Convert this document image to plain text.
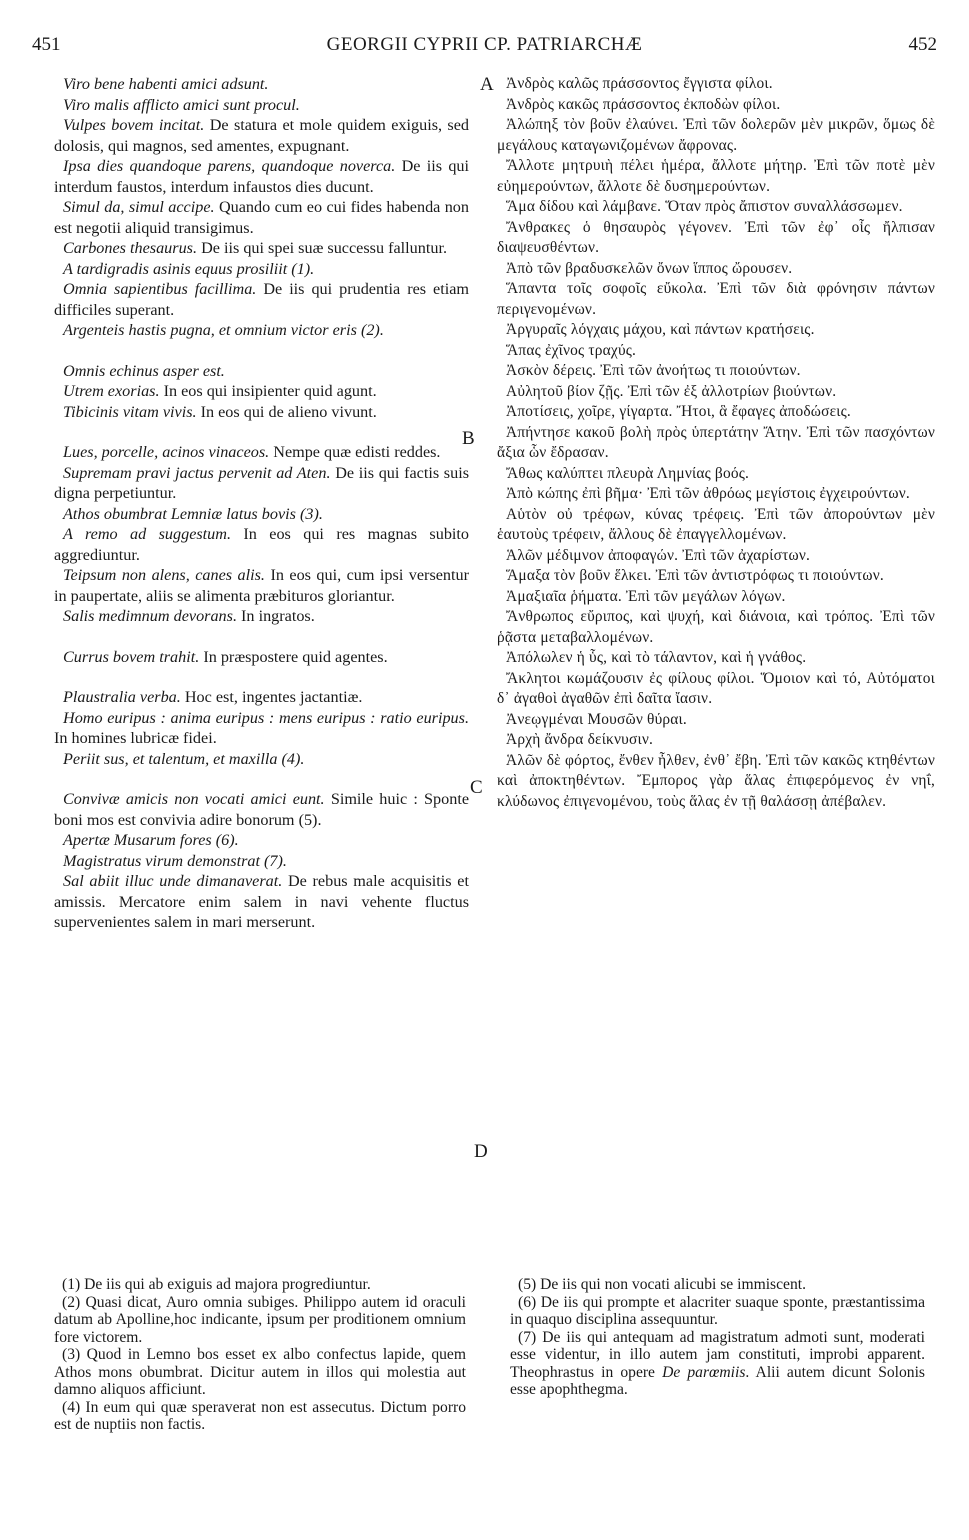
451	GEORGII CYPRII CP. PATRIARCHÆ	452
A
B
C
D
Viro bene habenti amici adsunt.
Viro malis afflicto amici sunt procul.
Vulpes bovem incitat. De statura et mole quidem exiguis, sed dolosis, qui magnos, sed amentes, expugnant.
Ipsa dies quandoque parens, quandoque noverca. De iis qui interdum faustos, interdum infaustos dies ducunt.
Simul da, simul accipe. Quando cum eo cui fides habenda non est negotii aliquid transigimus.
Carbones thesaurus. De iis qui spei suæ successu falluntur.
A tardigradis asinis equus prosiliit (1).
Omnia sapientibus facillima. De iis qui prudentia res etiam difficiles superant.
Argenteis hastis pugna, et omnium victor eris (2).
Omnis echinus asper est.
Utrem exorias. In eos qui insipienter quid agunt.
Tibicinis vitam vivis. In eos qui de alieno vivunt.
Lues, porcelle, acinos vinaceos. Nempe quæ edisti reddes.
Supremam pravi jactus pervenit ad Aten. De iis qui factis suis digna perpetiuntur.
Athos obumbrat Lemniæ latus bovis (3).
A remo ad suggestum. In eos qui res magnas subito aggrediuntur.
Teipsum non alens, canes alis. In eos qui, cum ipsi versentur in paupertate, aliis se alimenta præbituros gloriantur.
Salis medimnum devorans. In ingratos.
Currus bovem trahit. In præspostere quid agentes.
Plaustralia verba. Hoc est, ingentes jactantiæ.
Homo euripus : anima euripus : mens euripus : ratio euripus. In homines lubricæ fidei.
Periit sus, et talentum, et maxilla (4).
Convivæ amicis non vocati amici eunt. Simile huic : Sponte boni mos est convivia adire bonorum (5).
Apertæ Musarum fores (6).
Magistratus virum demonstrat (7).
Sal abiit illuc unde dimanaverat. De rebus male acquisitis et amissis. Mercatore enim salem in navi vehente fluctus supervenientes salem in mari merserunt.
Ἀνδρὸς καλῶς πράσσοντος ἔγγιστα φίλοι.
Ἀνδρὸς κακῶς πράσσοντος ἐκποδὼν φίλοι.
Ἀλώπηξ τὸν βοῦν ἐλαύνει. Ἐπὶ τῶν δολερῶν μὲν μικρῶν, ὅμως δὲ μεγάλους καταγωνιζομένων ἄφρονας.
Ἄλλοτε μητρυιὴ πέλει ἡμέρα, ἄλλοτε μήτηρ. Ἐπὶ τῶν ποτὲ μὲν εὐημερούντων, ἄλλοτε δὲ δυσημερούντων.
Ἅμα δίδου καὶ λάμβανε. Ὅταν πρὸς ἄπιστον συναλλάσσωμεν.
Ἄνθρακες ὁ θησαυρὸς γέγονεν. Ἐπὶ τῶν ἐφ᾽ οἷς ἤλπισαν διαψευσθέντων.
Ἀπὸ τῶν βραδυσκελῶν ὄνων ἵππος ὤρουσεν.
Ἅπαντα τοῖς σοφοῖς εὔκολα. Ἐπὶ τῶν διὰ φρόνησιν πάντων περιγενομένων.
Ἀργυραῖς λόγχαις μάχου, καὶ πάντων κρατήσεις.
Ἅπας ἐχῖνος τραχύς.
Ἀσκὸν δέρεις. Ἐπὶ τῶν ἀνοήτως τι ποιούντων.
Αὐλητοῦ βίον ζῇς. Ἐπὶ τῶν ἐξ ἀλλοτρίων βιούντων.
Ἀποτίσεις, χοῖρε, γίγαρτα. Ἤτοι, ἃ ἔφαγες ἀποδώσεις.
Ἀπήντησε κακοῦ βολὴ πρὸς ὑπερτάτην Ἄτην. Ἐπὶ τῶν πασχόντων ἄξια ὧν ἔδρασαν.
Ἄθως καλύπτει πλευρὰ Λημνίας βοός.
Ἀπὸ κώπης ἐπὶ βῆμα· Ἐπὶ τῶν ἀθρόως μεγίστοις ἐγχειρούντων.
Αὑτὸν οὐ τρέφων, κύνας τρέφεις. Ἐπὶ τῶν ἀπορούντων μὲν ἑαυτοὺς τρέφειν, ἄλλους δὲ ἐπαγγελλομένων.
Ἁλῶν μέδιμνον ἀποφαγών. Ἐπὶ τῶν ἀχαρίστων.
Ἅμαξα τὸν βοῦν ἕλκει. Ἐπὶ τῶν ἀντιστρόφως τι ποιούντων.
Ἀμαξιαῖα ῥήματα. Ἐπὶ τῶν μεγάλων λόγων.
Ἄνθρωπος εὔριπος, καὶ ψυχή, καὶ διάνοια, καὶ τρόπος. Ἐπὶ τῶν ῥᾷστα μεταβαλλομένων.
Ἀπόλωλεν ἡ ὗς, καὶ τὸ τάλαντον, καὶ ἡ γνάθος.
Ἄκλητοι κωμάζουσιν ἐς φίλους φίλοι. Ὅμοιον καὶ τό, Αὐτόματοι δ᾽ ἀγαθοὶ ἀγαθῶν ἐπὶ δαῖτα ἴασιν.
Ἀνεῳγμέναι Μουσῶν θύραι.
Ἀρχὴ ἄνδρα δείκνυσιν.
Ἁλῶν δὲ φόρτος, ἔνθεν ἦλθεν, ἐνθ᾽ ἔβη. Ἐπὶ τῶν κακῶς κτηθέντων καὶ ἀποκτηθέντων. Ἔμπορος γὰρ ἅλας ἐπιφερόμενος ἐν νηΐ, κλύδωνος ἐπιγενομένου, τοὺς ἅλας ἐν τῇ θαλάσσῃ ἀπέβαλεν.
(1) De iis qui ab exiguis ad majora progrediuntur.
(2) Quasi dicat, Auro omnia subiges. Philippo autem id oraculi datum ab Apolline,hoc indicante, ipsum per proditionem omnium fore victorem.
(3) Quod in Lemno bos esset ex albo confectus lapide, quem Athos mons obumbrat. Dicitur autem in illos qui molestia aut damno aliquos afficiunt.
(4) In eum qui quæ speraverat non est assecutus. Dictum porro est de nuptiis non factis.
(5) De iis qui non vocati alicubi se immiscent.
(6) De iis qui prompte et alacriter suaque sponte, præstantissima in quaquo disciplina assequuntur.
(7) De iis qui antequam ad magistratum admoti sunt, moderati esse videntur, in illo autem jam constituti, improbi apparent. Theophrastus in opere De parœmiis. Alii autem dicunt Solonis esse apophthegma.
